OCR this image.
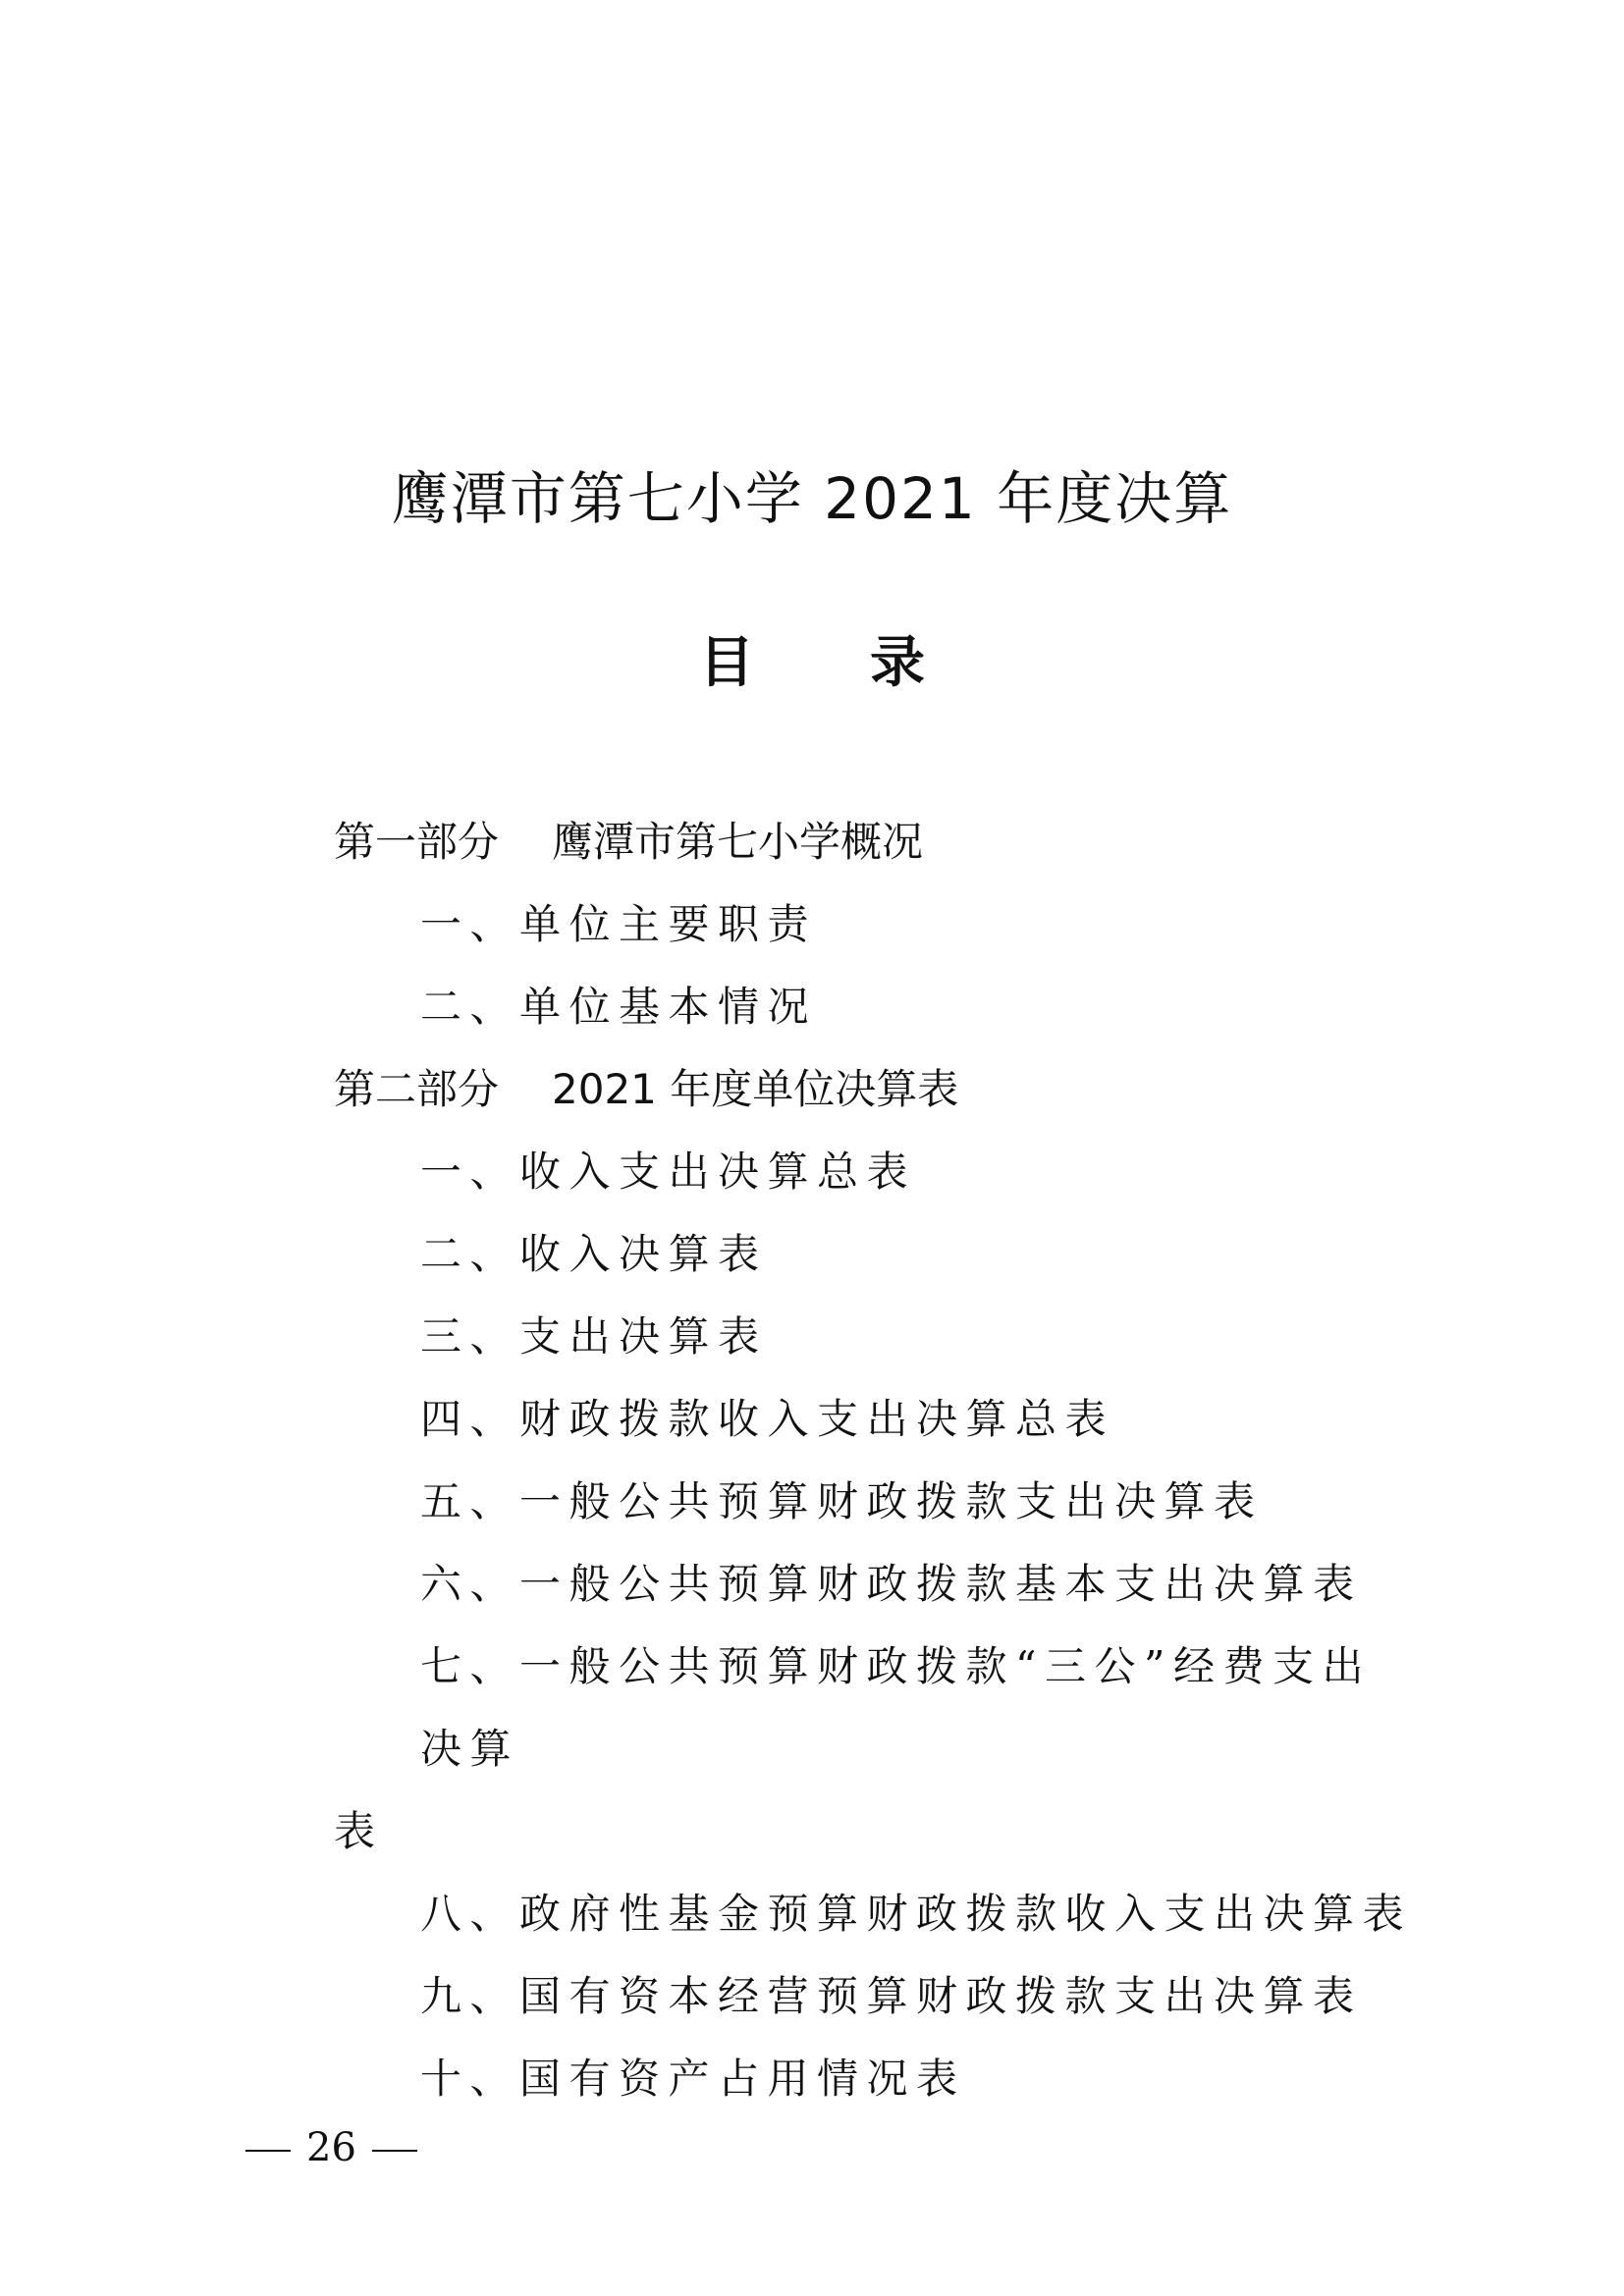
鹰潭市第七小学 2021 年度决算
目 录
第一部分 鹰潭市第七小学概况
一、单位主要职责
二、单位基本情况
第二部分 2021 年度单位决算表
一、收入支出决算总表
二、收入决算表
三、支出决算表
四、财政拨款收入支出决算总表
五、一般公共预算财政拨款支出决算表
六、一般公共预算财政拨款基本支出决算表
七、一般公共预算财政拨款“三公”经费支出决算
表
八、政府性基金预算财政拨款收入支出决算表
九、国有资本经营预算财政拨款支出决算表
十、国有资产占用情况表
26
